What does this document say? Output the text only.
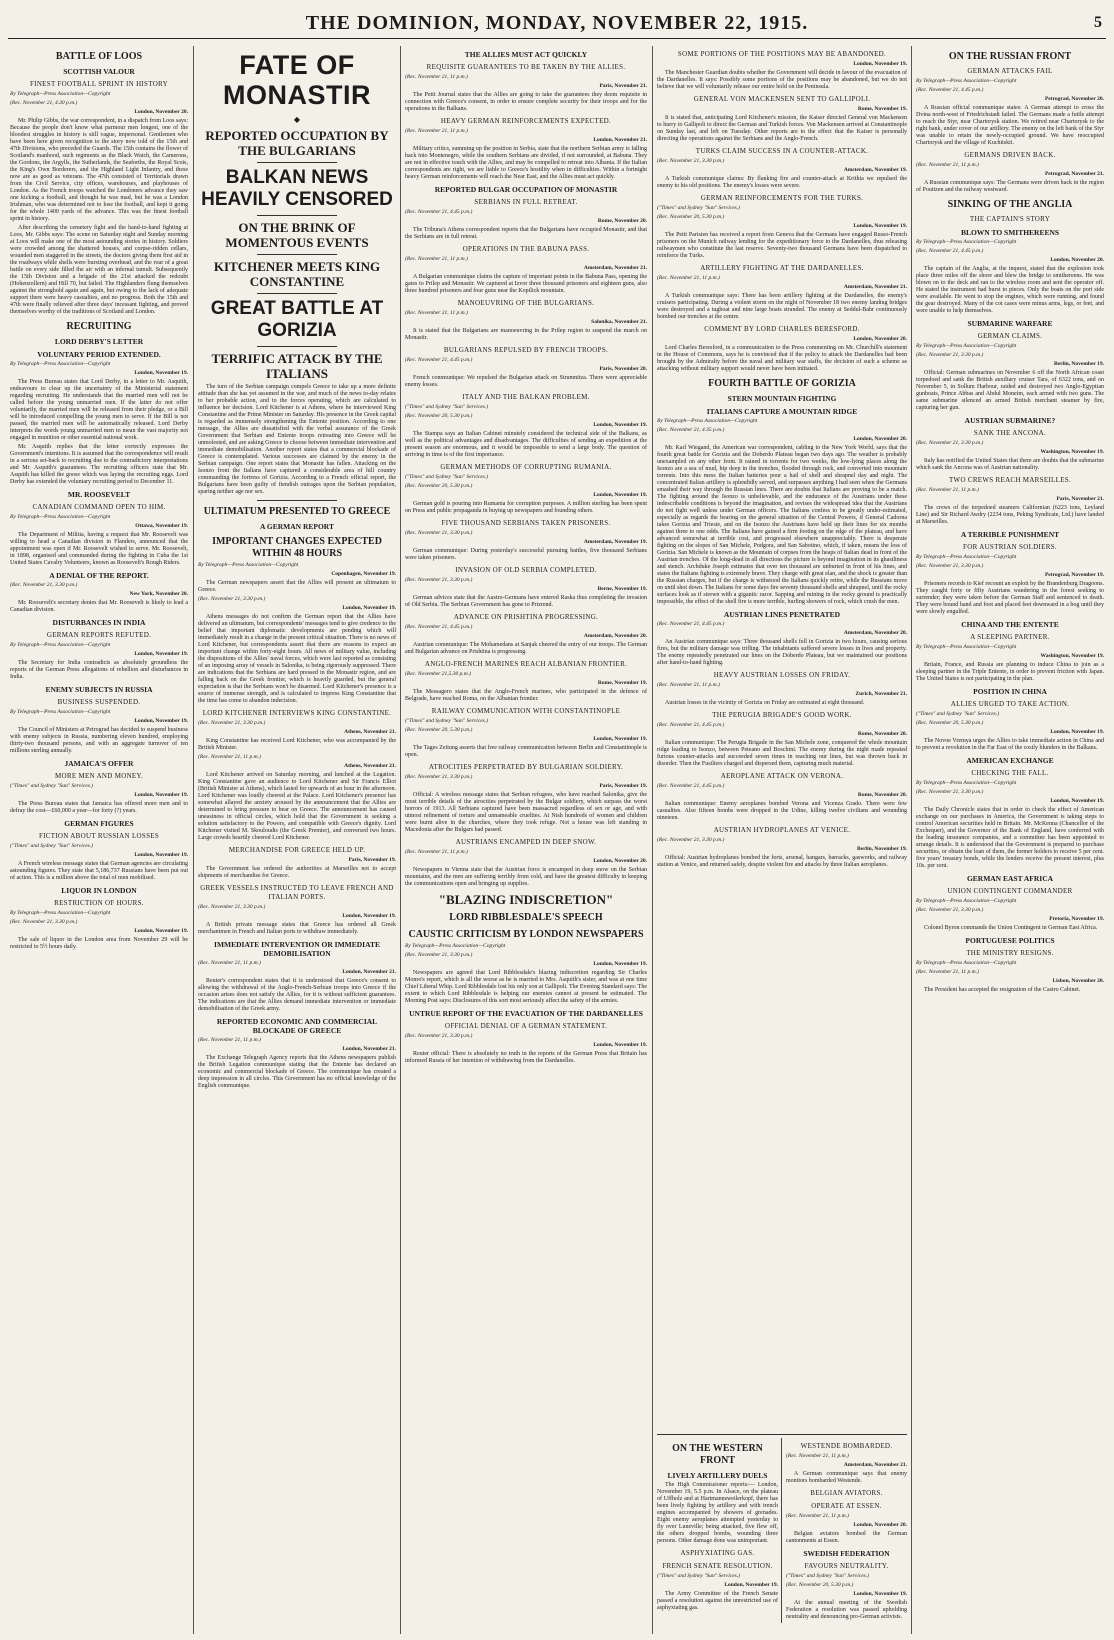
THE DOMINION, MONDAY, NOVEMBER 22, 1915.	5
BATTLE OF LOOS
SCOTTISH VALOUR
FINEST FOOTBALL SPRINT IN HISTORY

By Telegraph—Press Association—Copyright

(Rec. November 21, 4.30 p.m.)

London, November 20.

Mr. Philip Gibbs, the war correspondent, in a dispatch from Loos says: Because the people don't know what parmour men longest, one of the bloodest struggles in history is still vague, impersonal. Gentlemen who have been here given recognition to the story now told of the 15th and 47th Divisions, who preceded the Guards. The 15th contains the flower of Scotland's manhood, such regiments as the Black Watch, the Camerons, the Gordons, the Argylls, the Sutherlands, the Seaforths, the Royal Scots, the King's Own Borderers, and the Highland Light Infantry, and these now are as good as veterans. The 47th consisted of Territorials drawn from the Civil Service, city offices, warehouses, and playhouses of London. As the French troops watched the Londoners advance they saw one kicking a football, and thought he was mad, but he was a London Irishman, who was determined not to lose the football, and kept it going for the whole 1400 yards of the advance. This was the finest football sprint in history.

After describing the cemetery fight and the hand-to-hand fighting at Loos, Mr. Gibbs says: The scene on Saturday night and Sunday morning at Loos will make one of the most astounding stories in history. Soldiers were crowded among the shattered houses, and corpse-ridden cellars, wounded men staggered in the streets, the doctors giving them first aid in the roadways while shells were bursting overhead, and the roar of a great battle on every side filled the air with an infernal tumult. Subsequently the 15th Division and a brigade of the 21st attacked the redoubt (Hohenzollern) and Hill 70, but failed. The Highlanders flung themselves against the stronghold again and again, but owing to the lack of adequate support there were heavy casualties, and no progress. Both the 15th and 47th were finally relieved after three days' incessant fighting, and proved themselves worthy of the traditions of Scotland and London.

RECRUITING
LORD DERBY'S LETTER
VOLUNTARY PERIOD EXTENDED.

By Telegraph—Press Association—Copyright

London, November 19.

The Press Bureau states that Lord Derby, in a letter to Mr. Asquith, endeavours to clear up the uncertainty of the Ministerial statement regarding recruiting. He understands that the married men will not be called before the young unmarried men. If the latter do not offer voluntarily, the married men will be released from their pledge, or a Bill will be introduced compelling the young men to serve. If the Bill is not passed, the married men will be automatically released. Lord Derby interprets the words young unmarried men to mean the vast majority not engaged in munition or other essential national work.

Mr. Asquith replies that the letter correctly expresses the Government's intentions. It is assumed that the correspondence will result in a serious set-back to recruiting due to the contradictory interpretations and Mr. Asquith's guarantees. The recruiting officers state that Mr. Asquith has killed the goose which was laying the recruiting eggs. Lord Derby has extended the voluntary recruiting period to December 11.

MR. ROOSEVELT
CANADIAN COMMAND OPEN TO HIM.

By Telegraph—Press Association—Copyright

Ottawa, November 19.

The Department of Militia, having a request that Mr. Roosevelt was willing to head a Canadian division in Flanders, announced that the appointment was open if Mr. Roosevelt wished to serve. Mr. Roosevelt, in 1898, organised and commanded during the fighting in Cuba the 1st United States Cavalry Volunteers, known as Roosevelt's Rough Riders.

A DENIAL OF THE REPORT.

(Rec. November 21, 3.30 p.m.)

New York, November 20.

Mr. Roosevelt's secretary denies that Mr. Roosevelt is likely to lead a Canadian division.

DISTURBANCES IN INDIA
GERMAN REPORTS REFUTED.

By Telegraph—Press Association—Copyright

London, November 19.

The Secretary for India contradicts as absolutely groundless the reports of the German Press allegations of rebellion and disturbances in India.

ENEMY SUBJECTS IN RUSSIA
BUSINESS SUSPENDED.

By Telegraph—Press Association—Copyright

London, November 19.

The Council of Ministers at Petrograd has decided to suspend business with enemy subjects in Russia, numbering eleven hundred, employing thirty-two thousand persons, and with an aggregate turnover of ten millions sterling annually.

JAMAICA'S OFFER
MORE MEN AND MONEY.

("Times" and Sydney "Sun" Services.)

London, November 19.

The Press Bureau states that Jamaica has offered more men and to defray the cost—£60,000 a year—for forty (?) years.

GERMAN FIGURES
FICTION ABOUT RUSSIAN LOSSES

("Times" and Sydney "Sun" Services.)

London, November 19.

A French wireless message states that German agencies are circulating astounding figures. They state that 5,186,737 Russians have been put out of action. This is a million above the total of men mobilised.

LIQUOR IN LONDON
RESTRICTION OF HOURS.

By Telegraph—Press Association—Copyright

(Rec. November 21, 3.30 p.m.)

London, November 19.

The sale of liquor in the London area from November 29 will be restricted to 5½ hours daily.

FATE OF MONASTIR
◆
REPORTED OCCUPATION BY THE BULGARIANS
BALKAN NEWS HEAVILY CENSORED
ON THE BRINK OF MOMENTOUS EVENTS
KITCHENER MEETS KING CONSTANTINE
GREAT BATTLE AT GORIZIA
TERRIFIC ATTACK BY THE ITALIANS

The turn of the Serbian campaign compels Greece to take up a more definite attitude than she has yet assumed in the war, and much of the news to-day relates to her probable action, and to the forces operating, which are calculated to influence her decision. Lord Kitchener is at Athens, where he interviewed King Constantine and the Prime Minister on Saturday. His presence in the Greek capital is regarded as immensely strengthening the Entente position. According to one message, the Allies are dissatisfied with the verbal assurance of the Greek Government that Serbian and Entente troops retreating into Greece will be unmolested, and are asking Greece to choose between immediate intervention and immediate demobilisation. Another report states that a commercial blockade of Greece is contemplated. Various successes are claimed by the enemy in the Serbian campaign. One report states that Monastir has fallen. Attacking on the Isonzo front the Italians have captured a considerable area of hill country commanding the fortress of Gorizia. According to a French official report, the Bulgarians have been guilty of fiendish outrages upon the Serbian population, sparing neither age nor sex.

ULTIMATUM PRESENTED TO GREECE
A GERMAN REPORT
IMPORTANT CHANGES EXPECTED WITHIN 48 HOURS

By Telegraph—Press Association—Copyright

Copenhagen, November 19.

The German newspapers assert that the Allies will present an ultimatum to Greece.

(Rec. November 21, 3.30 p.m.)

London, November 19.

Athens messages do not confirm the German report that the Allies have delivered an ultimatum, but correspondents' messages tend to give credence to the belief that important diplomatic developments are pending which will immediately result in a change in the present critical situation. There is no news of Lord Kitchener, but correspondents assert that there are reasons to expect an important change within forty-eight hours. All news of military value, including the dispositions of the Allies' naval forces, which were last reported as consisting of an imposing array of vessels in Salonika, is being rigorously suppressed. There are indications that the Serbians are hard pressed in the Monastir region, and are falling back on the Greek frontier, which is heavily guarded, but the general expectation is that the Serbians won't be disarmed. Lord Kitchener's presence is a source of immense strength, and is calculated to impress King Constantine that the time has come to abandon indecision.

LORD KITCHENER INTERVIEWS KING CONSTANTINE.

(Rec. November 21, 3.30 p.m.)

Athens, November 21.

King Constantine has received Lord Kitchener, who was accompanied by the British Minister.

(Rec. November 21, 11 p.m.)

Athens, November 21.

Lord Kitchener arrived on Saturday morning, and lunched at the Legation. King Constantine gave an audience to Lord Kitchener and Sir Francis Elliot (British Minister at Athens), which lasted for upwards of an hour in the afternoon. Lord Kitchener was loudly cheered at the Palace. Lord Kitchener's presence has somewhat allayed the anxiety aroused by the announcement that the Allies are determined to bring pressure to bear on Greece. The announcement has caused uneasiness in official circles, which hold that the Government is seeking a solution satisfactory to the Powers, and compatible with Greece's dignity. Lord Kitchener visited M. Skouloudis (the Greek Premier), and conversed two hours. Large crowds heartily cheered Lord Kitchener.

MERCHANDISE FOR GREECE HELD UP.

Paris, November 19.

The Government has ordered the authorities at Marseilles not to accept shipments of merchandise for Greece.

GREEK VESSELS INSTRUCTED TO LEAVE FRENCH AND ITALIAN PORTS.

(Rec. November 21, 3.30 p.m.)

London, November 19.

A British private message states that Greece has ordered all Greek merchantmen in French and Italian ports to withdraw immediately.

IMMEDIATE INTERVENTION OR IMMEDIATE DEMOBILISATION

(Rec. November 21, 11 p.m.)

London, November 21.

Reuter's correspondent states that it is understood that Greece's consent to allowing the withdrawal of the Anglo-French-Serbian troops into Greece if the occasion arises does not satisfy the Allies, for it is without sufficient guarantees. The indications are that the Allies demand immediate intervention or immediate demobilisation of the Greek army.

REPORTED ECONOMIC AND COMMERCIAL BLOCKADE OF GREECE

(Rec. November 21, 11 p.m.)

London, November 21.

The Exchange Telegraph Agency reports that the Athens newspapers publish the British Legation communique stating that the Entente has declared an economic and commercial blockade of Greece. The communique has created a deep impression in all circles. This Government has no official knowledge of the English communique.

THE ALLIES MUST ACT QUICKLY
REQUISITE GUARANTEES TO BE TAKEN BY THE ALLIES.

(Rec. November 21, 11 p.m.)

Paris, November 21.

The Petit Journal states that the Allies are going to take the guarantees they deem requisite in connection with Greece's consent, in order to ensure complete security for their troops and for the operations in the Balkans.

HEAVY GERMAN REINFORCEMENTS EXPECTED.

(Rec. November 21, 11 p.m.)

London, November 21.

Military critics, summing up the position in Serbia, state that the northern Serbian army is falling back into Montenegro, while the southern Serbians are divided, if not surrounded, at Babuna. They are not in effective touch with the Allies, and may be compelled to retreat into Albania. If the Italian correspondents are right, we are liable to Greece's hostility when in difficulties. Within a fortnight heavy German reinforcements will reach the Near East, and the Allies must act quickly.

REPORTED BULGAR OCCUPATION OF MONASTIR
SERBIANS IN FULL RETREAT.

(Rec. November 21, 4.45 p.m.)

Rome, November 20.

The Tribuna's Athens correspondent reports that the Bulgarians have occupied Monastir, and that the Serbians are in full retreat.

OPERATIONS IN THE BABUNA PASS.

(Rec. November 21, 11 p.m.)

Amsterdam, November 21.

A Bulgarian communique claims the capture of important points in the Babuna Pass, opening the gates to Prilep and Monastir. We captured at Izvor three thousand prisoners and eighteen guns, also three hundred prisoners and four guns near the Kopilick mountain.

MANOEUVRING OF THE BULGARIANS.

(Rec. November 21, 11 p.m.)

Salonika, November 21.

It is stated that the Bulgarians are manoeuvring in the Prilep region to suspend the march on Monastir.

BULGARIANS REPULSED BY FRENCH TROOPS.

(Rec. November 21, 4.45 p.m.)

Paris, November 20.

French communique: We repulsed the Bulgarian attack on Strumnitza. There were appreciable enemy losses.

ITALY AND THE BALKAN PROBLEM.

("Times" and Sydney "Sun" Services.)

(Rec. November 20, 5.30 p.m.)

London, November 19.

The Stampa says an Italian Cabinet minutely considered the technical side of the Balkans, as well as the political advantages and disadvantages. The difficulties of sending an expedition at the present season are enormous, and it would be impossible to send a large body. The question of arriving in time is of the first importance.

GERMAN METHODS OF CORRUPTING RUMANIA.

("Times" and Sydney "Sun" Services.)

(Rec. November 20, 5.30 p.m.)

London, November 19.

German gold is pouring into Rumania for corruption purposes. A million sterling has been spent on Press and public propaganda in buying up newspapers and founding others.

FIVE THOUSAND SERBIANS TAKEN PRISONERS.

(Rec. November 21, 3.30 p.m.)

Amsterdam, November 19.

German communique: During yesterday's successful pursuing battles, five thousand Serbians were taken prisoners.

INVASION OF OLD SERBIA COMPLETED.

(Rec. November 21, 3.30 p.m.)

Berne, November 19.

German advices state that the Austro-Germans have entered Raska thus completing the invasion of Old Serbia. The Serbian Government has gone to Prizrend.

ADVANCE ON PRISHTINA PROGRESSING.

(Rec. November 21, 4.45 p.m.)

Amsterdam, November 20.

Austrian communique: The Mohamedans at Sanjak cheered the entry of our troops. The German and Bulgarian advance on Prishtina is progressing.

ANGLO-FRENCH MARINES REACH ALBANIAN FRONTIER.

(Rec. November 21,5.30 p.m.)

Rome, November 19.

The Messagero states that the Anglo-French marines, who participated in the defence of Belgrade, have reached Roma, on the Albanian frontier.

RAILWAY COMMUNICATION WITH CONSTANTINOPLE

("Times" and Sydney "Sun" Services.)

(Rec. November 20, 5.30 p.m.)

London, November 19.

The Tages Zeitung asserts that free railway communication between Berlin and Constantinople is open.

ATROCITIES PERPETRATED BY BULGARIAN SOLDIERY.

(Rec. November 21, 3.30 p.m.)

Paris, November 19.

Official: A wireless message states that Serbian refugees, who have reached Salonika, give the most terrible details of the atrocities perpetrated by the Bulgar soldiery, which surpass the worst horrors of 1913. All Serbians captured have been massacred regardless of sex or age, and with utmost refinement of torture and unnameable cruelties. At Nish hundreds of women and children were burnt alive in the churches, where they took refuge. Not a house was left standing in Macedonia after the Bulgars had passed.

AUSTRIANS ENCAMPED IN DEEP SNOW.

(Rec. November 21, 11 p.m.)

London, November 20.

Newspapers in Vienna state that the Austrian force is encamped in deep snow on the Serbian mountains, and the men are suffering terribly from cold, and have the greatest difficulty in keeping the communications open and bringing up supplies.

"BLAZING INDISCRETION"
LORD RIBBLESDALE'S SPEECH
CAUSTIC CRITICISM BY LONDON NEWSPAPERS

By Telegraph—Press Association—Copyright

(Rec. November 21, 3.30 p.m.)

London, November 19.

Newspapers are agreed that Lord Ribblesdale's blazing indiscretion regarding Sir Charles Monro's report, which is all the worse as he is married to Mrs. Asquith's sister, and was at one time Chief Liberal Whip. Lord Ribblesdale lost his only son at Gallipoli. The Evening Standard says: The extent to which Lord Ribblesdale is helping our enemies cannot at present be estimated. The Morning Post says: Disclosures of this sort most seriously affect the safety of the armies.

UNTRUE REPORT OF THE EVACUATION OF THE DARDANELLES
OFFICIAL DENIAL OF A GERMAN STATEMENT.

(Rec. November 21, 3.30 p.m.)

London, November 19.

Reuter official: There is absolutely no truth in the reports of the German Press that Britain has informed Russia of her intention of withdrawing from the Dardanelles.

SOME PORTIONS OF THE POSITIONS MAY BE ABANDONED.

London, November 19.

The Manchester Guardian doubts whether the Government will decide in favour of the evacuation of the Dardanelles. It says: Possibly some portions of the positions may be abandoned, but we do not believe that we will voluntarily release our entire hold on the Peninsula.

GENERAL VON MACKENSEN SENT TO GALLIPOLI.

Rome, November 19.

It is stated that, anticipating Lord Kitchener's mission, the Kaiser directed General von Mackensen to hurry to Gallipoli to direct the German and Turkish forces. Von Mackensen arrived at Constantinople on Sunday last, and left on Tuesday. Other reports are to the effect that the Kaiser is personally directing the operations against the Serbians and the Anglo-French.

TURKS CLAIM SUCCESS IN A COUNTER-ATTACK.

(Rec. November 21, 3.30 p.m.)

Amsterdam, November 19.

A Turkish communique claims: By flanking fire and counter-attack at Krithia we repulsed the enemy to his old positions. The enemy's losses were severe.

GERMAN REINFORCEMENTS FOR THE TURKS.

("Times" and Sydney "Sun" Services.)

(Rec. November 20, 5.30 p.m.)

London, November 19.

The Petit Parisien has received a report from Geneva that the Germans have engaged Russo-French prisoners on the Munich railway lending for the expeditionary force to the Dardanelles, thus releasing railwaymen who constitute the last reserve. Seventy-two thousand Germans have been dispatched to reinforce the Turks.

ARTILLERY FIGHTING AT THE DARDANELLES.

(Rec. November 21, 11 p.m.)

Amsterdam, November 21.

A Turkish communique says: There has been artillery fighting at the Dardanelles, the enemy's cruisers participating. During a violent storm on the night of November 18 two enemy landing bridges were destroyed and a tugboat and nine large boats stranded. The enemy at Seddul-Bahr continuously bombed our trenches at the centre.

COMMENT BY LORD CHARLES BERESFORD.

London, November 20.

Lord Charles Beresford, in a communication to the Press commenting on Mr. Churchill's statement in the House of Commons, says he is convinced that if the policy to attack the Dardanelles had been brought by the Admiralty before the naval and military war staffs, the decision of such a scheme as attacking without military support would never have been initiated.

FOURTH BATTLE OF GORIZIA
STERN MOUNTAIN FIGHTING
ITALIANS CAPTURE A MOUNTAIN RIDGE

By Telegraph—Press Association—Copyright

(Rec. November 21, 4.35 p.m.)

London, November 20.

Mr. Karl Wiegand, the American war correspondent, cabling to the New York World, says that the fourth great battle for Gorizia and the Doberdo Plateau began two days ago. The weather is probably unexampled on any other front. It rained in torrents for two weeks, the low-lying places along the Isonzo are a sea of mud, hip deep in the trenches, flooded through rock, and converted into mountain torrents. Into this mess the Italian batteries pour a hail of shell and shrapnel day and night. The concentrated Italian artillery is splendidly served, and surpasses anything I had seen when the Germans smashed their way through the Russian lines. There are doubts that Italians are proving to be a match. The fighting around the Isonzo is unbelievable, and the endurance of the Austrians under these indescribable conditions is beyond the imagination, and revises the widespread idea that the Austrians do not fight well unless under German officers. The Italians confess to be greatly under-estimated, especially as regards the bearing on the general situation of the Central Powers, if General Cadorna takes Gorizia and Trieste, and on the Isonzo the Austrians have held up their lines for six months against three to one odds. The Italians have gained a firm footing on the edge of the plateau, and have advanced somewhat at terrible cost, and progressed elsewhere unappreciably. There is desperate fighting on the slopes of San Michele, Podgora, and San Sabotino, which, if taken, means the loss of Gorizia. San Michele is known as the Mountain of corpses from the heaps of Italian dead in front of the Austrian trenches. Of the long-dead in all directions the picture is beyond imagination in its ghastliness and stench. Archduke Joseph estimates that over ten thousand are unburied in front of his lines, and states the Italians fighting is extremely brave. They charge with great elan, and the shock is greater than the Russian charges, but if the charge is withstood the Italians quickly retire, while the Russians move on until shot down. The Italians for some days fire seventy thousand shells and shrapnel, until the rocky surfaces look as if strewn with a gigantic razor. Sapping and mining in the rocky ground is practically impossible, the effect of the shell fire is more terrible, hurling showers of rock, which crush the men.

AUSTRIAN LINES PENETRATED

(Rec. November 21, 4.45 p.m.)

Amsterdam, November 20.

An Austrian communique says: Three thousand shells fell in Gorizia in two hours, causing serious fires, but the military damage was trifling. The inhabitants suffered severe losses in lives and property. The enemy repeatedly penetrated our lines on the Doberdo Plateau, but we maintained our positions after hand-to-hand fighting.

HEAVY AUSTRIAN LOSSES ON FRIDAY.

(Rec. November 21, 11 p.m.)

Zurich, November 21.

Austrian losses in the vicinity of Gorizia on Friday are estimated at eight thousand.

THE PERUGIA BRIGADE'S GOOD WORK.

(Rec. November 21, 4.45 p.m.)

Rome, November 20.

Italian communique: The Perugia Brigade in the San Michele zone, conquered the whole mountain ridge leading to Isonzo, between Peteano and Boschini. The enemy during the night made repeated furious counter-attacks and succeeded seven times in reaching our lines, but was thrown back in disorder. Then the Fusiliers charged and dispersed them, capturing much material.

AEROPLANE ATTACK ON VERONA.

(Rec. November 21, 4.45 p.m.)

Rome, November 20.

Italian communique: Enemy aeroplanes bombed Verona and Vicenza Grado. There were few casualties. Also fifteen bombs were dropped in the Udine, killing twelve civilians and wounding nineteen.

AUSTRIAN HYDROPLANES AT VENICE.

(Rec. November 21, 3.30 p.m.)

Berlin, November 19.

Official: Austrian hydroplanes bombed the forts, arsenal, hangars, barracks, gasworks, and railway station at Venice, and returned safely, despite violent fire and attacks by three Italian aeroplanes.

ON THE WESTERN FRONT
LIVELY ARTILLERY DUELS

The High Commissioner reports:— London, November 19, 5.5 p.m. In Alsace, on the plateau of Uffholz and at Hartmannsweilerkopf, there has been lively fighting by artillery and with trench engines accompanied by showers of grenades. Eight enemy aeroplanes attempted yesterday to fly over Luneville; being attacked, five flew off, the others dropped bombs, wounding three persons. Other damage done was unimportant.

ASPHYXIATING GAS.
FRENCH SENATE RESOLUTION.

("Times" and Sydney "Sun" Services.)

London, November 19.

The Army Committee of the French Senate passed a resolution against the unrestricted use of asphyxiating gas.

WESTENDE BOMBARDED.

(Rec. November 21, 11 p.m.)

Amsterdam, November 21.

A German communique says that enemy monitors bombarded Westende.

BELGIAN AVIATORS.
OPERATE AT ESSEN.

(Rec. November 21, 11 p.m.)

London, November 20.

Belgian aviators bombed the German cantonments at Essen.

SWEDISH FEDERATION
FAVOURS NEUTRALITY.

("Times" and Sydney "Sun" Services.)

(Rec. November 20, 5.30 p.m.)

London, November 19.

At the annual meeting of the Swedish Federation a resolution was passed upholding neutrality and denouncing pro-German activists.

ON THE RUSSIAN FRONT
GERMAN ATTACKS FAIL

By Telegraph—Press Association—Copyright

(Rec. November 21, 4.45 p.m.)

Petrograd, November 20.

A Russian official communique states: A German attempt to cross the Dvina north-west of Friedrichstadt failed. The Germans made a futile attempt to reach the Styr, near Chartorysk station. We retired near Chartorysk to the right bank, under cover of our artillery. The enemy on the left bank of the Styr was unable to retain the newly-occupied ground. We have reoccupied Chartorysk and the village of Kuchitskii.

GERMANS DRIVEN BACK.

(Rec. November 21, 11 p.m.)

Petrograd, November 21.

A Russian communique says: The Germans were driven back in the region of Pouitzen and the railway westward.

SINKING OF THE ANGLIA
THE CAPTAIN'S STORY
BLOWN TO SMITHEREENS

By Telegraph—Press Association—Copyright

(Rec. November 21, 4.45 p.m.)

London, November 20.

The captain of the Anglia, at the inquest, stated that the explosion took place three miles off the shore and blew the bridge to smithereens. He was blown on to the deck and ran to the wireless room and sent the operator off. He stated the instrument had burst to pieces. Only the boats on the port side were available. He went to stop the engines, which were running, and found the gear destroyed. Many of the cot cases were minus arms, legs, or feet, and were unable to help themselves.

SUBMARINE WARFARE
GERMAN CLAIMS.

By Telegraph—Press Association—Copyright

(Rec. November 21, 3.30 p.m.)

Berlin, November 19.

Official: German submarines on November 6 off the North African coast torpedoed and sank the British auxiliary cruiser Tara, of 6322 tons, and on November 5, in Sollum Harbour, raided and destroyed two Anglo-Egyptian gunboats, Prince Abbas and Abdul Moneim, each armed with two guns. The same submarine silenced an armed British merchant steamer by fire, capturing her gun.

AUSTRIAN SUBMARINE?
SANK THE ANCONA.

(Rec. November 21, 3.30 p.m.)

Washington, November 19.

Italy has notified the United States that there are doubts that the submarine which sank the Ancona was of Austrian nationality.

TWO CREWS REACH MARSEILLES.

(Rec. November 21, 11 p.m.)

Paris, November 21.

The crews of the torpedoed steamers Californian (6223 tons, Leyland Line) and Sir Richard Awdry (2234 tons, Peking Syndicate, Ltd.) have landed at Marseilles.

A TERRIBLE PUNISHMENT
FOR AUSTRIAN SOLDIERS.

By Telegraph—Press Association—Copyright

(Rec. November 21, 3.30 p.m.)

Petrograd, November 19.

Prisoners records to Kief recount an exploit by the Brandenburg Dragoons. They caught forty or fifty Austrians wandering in the forest seeking to surrender; they were taken before the German Staff and sentenced to death. They were bound hand and foot and placed feet downward in a bog until they were slowly engulfed.

CHINA AND THE ENTENTE
A SLEEPING PARTNER.

By Telegraph—Press Association—Copyright

Washington, November 19.

Britain, France, and Russia are planning to induce China to join as a sleeping partner in the Triple Entente, in order to prevent friction with Japan. The United States is not participating in the plan.

POSITION IN CHINA
ALLIES URGED TO TAKE ACTION.

("Times" and Sydney "Sun" Services.)

(Rec. November 20, 5.30 p.m.)

London, November 19.

The Novoe Vremya urges the Allies to take immediate action in China and to prevent a revolution in the Far East of the costly blunders in the Balkans.

AMERICAN EXCHANGE
CHECKING THE FALL.

By Telegraph—Press Association—Copyright

(Rec. November 21, 3.30 p.m.)

London, November 19.

The Daily Chronicle states that in order to check the effect of American exchange on our purchases in America, the Government is taking steps to control American securities held in Britain. Mr. McKenna (Chancellor of the Exchequer), and the Governor of the Bank of England, have conferred with the leading insurance companies, and a committee has been appointed to arrange details. It is understood that the Government is prepared to purchase securities, or obtain the loan of them, the former holders to receive 5 per cent. five years' treasury bonds, while the lenders receive the present interest, plus 10s. per cent.

GERMAN EAST AFRICA
UNION CONTINGENT COMMANDER

By Telegraph—Press Association—Copyright

(Rec. November 21, 3.30 p.m.)

Pretoria, November 19.

Colonel Byron commands the Union Contingent in German East Africa.

PORTUGUESE POLITICS
THE MINISTRY RESIGNS.

By Telegraph—Press Association—Copyright

(Rec. November 21, 11 p.m.)

Lisbon, November 20.

The President has accepted the resignation of the Castro Cabinet.
